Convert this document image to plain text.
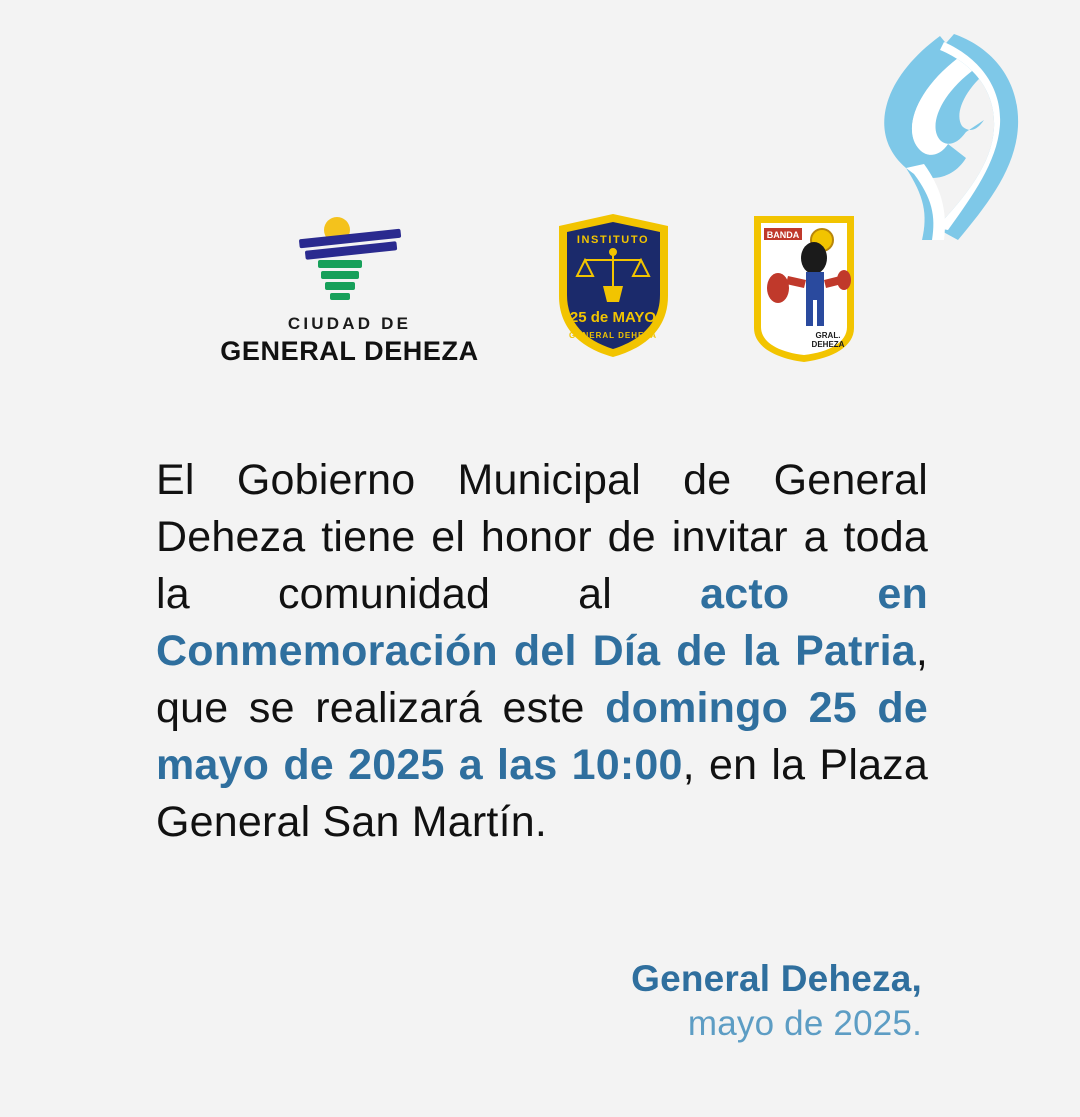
CIUDAD DE
GENERAL DEHEZA
INSTITUTO
25 de MAYO
GENERAL DEHEZA
BANDA
GRAL.
DEHEZA
El Gobierno Municipal de General Deheza tiene el honor de invitar a toda la comunidad al acto en Conmemoración del Día de la Patria, que se realizará este domingo 25 de mayo de 2025 a las 10:00, en la Plaza General San Martín.
General Deheza,
mayo de 2025.
